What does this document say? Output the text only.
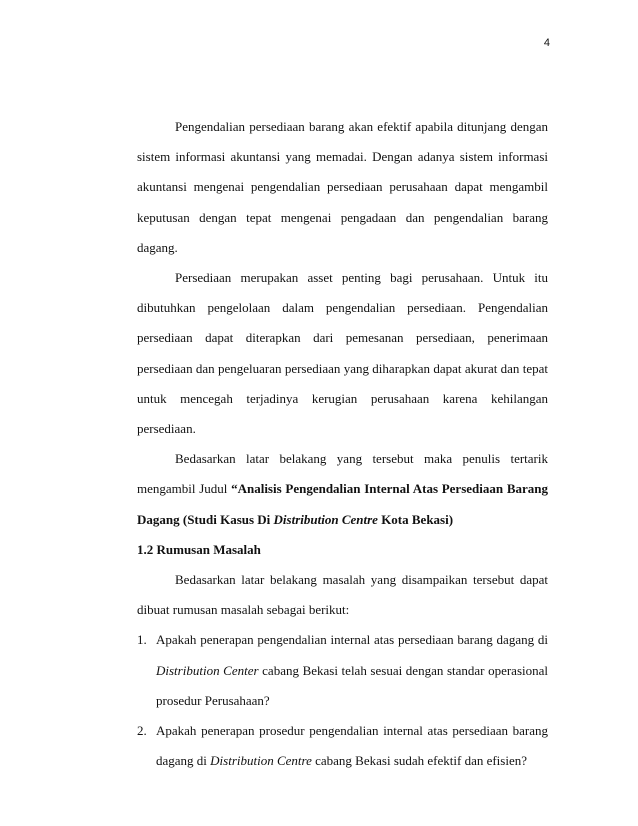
4

Pengendalian persediaan barang akan efektif apabila ditunjang dengan sistem informasi akuntansi yang memadai. Dengan adanya sistem informasi akuntansi mengenai pengendalian persediaan perusahaan dapat mengambil keputusan dengan tepat mengenai pengadaan dan pengendalian barang dagang.

Persediaan merupakan asset penting bagi perusahaan. Untuk itu dibutuhkan pengelolaan dalam pengendalian persediaan. Pengendalian persediaan dapat diterapkan dari pemesanan persediaan, penerimaan persediaan dan pengeluaran persediaan yang diharapkan dapat akurat dan tepat untuk mencegah terjadinya kerugian perusahaan karena kehilangan persediaan.

Bedasarkan latar belakang yang tersebut maka penulis tertarik mengambil Judul “Analisis Pengendalian Internal Atas Persediaan Barang Dagang (Studi Kasus Di Distribution Centre Kota Bekasi)

1.2 Rumusan Masalah

Bedasarkan latar belakang masalah yang disampaikan tersebut dapat dibuat rumusan masalah sebagai berikut:

1. Apakah penerapan pengendalian internal atas persediaan barang dagang di Distribution Center cabang Bekasi telah sesuai dengan standar operasional prosedur Perusahaan?
2. Apakah penerapan prosedur pengendalian internal atas persediaan barang dagang di Distribution Centre cabang Bekasi sudah efektif dan efisien?
